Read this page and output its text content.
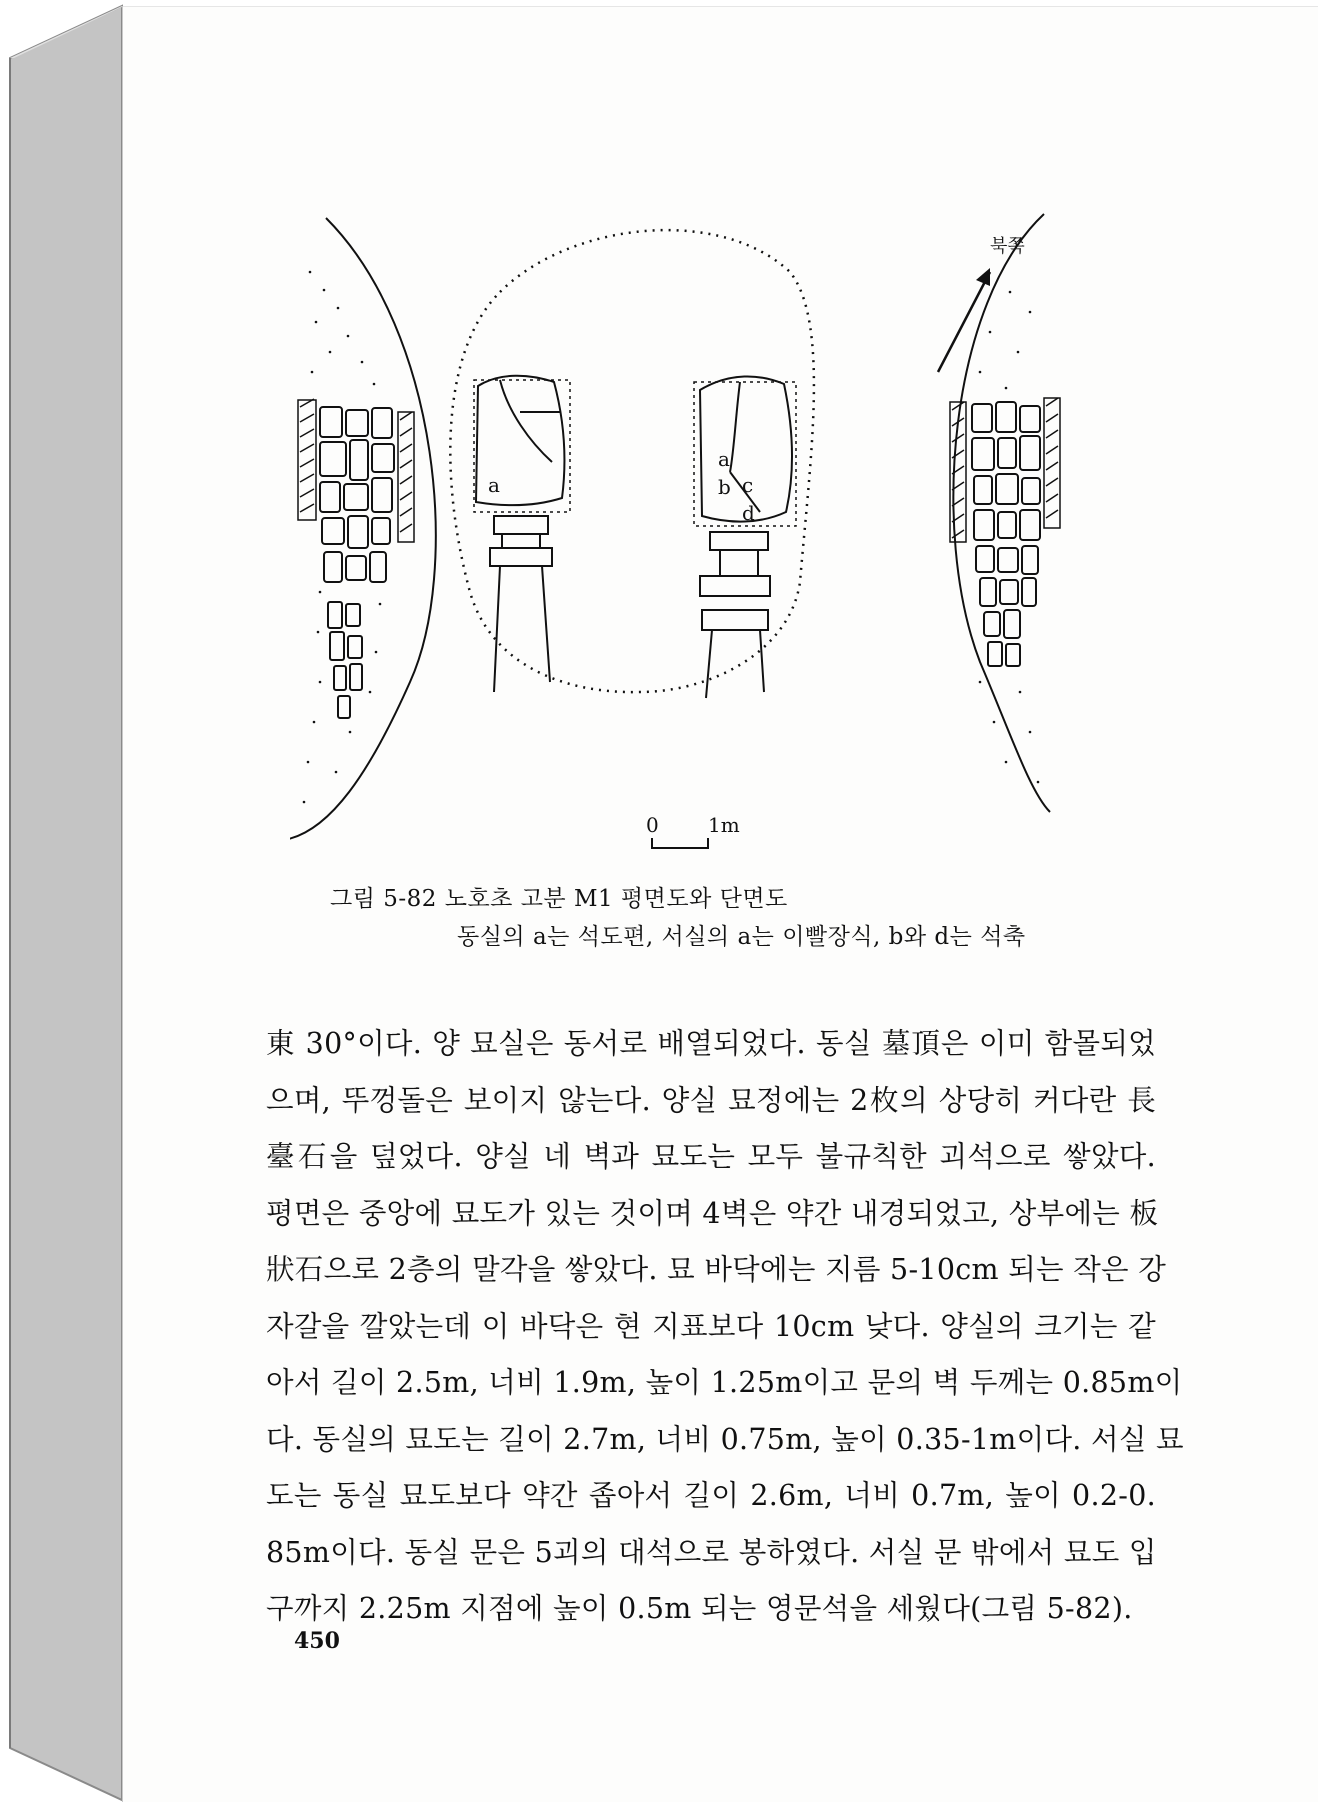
a
a
b c
d
0 1m
북쪽
그림 5-82 노호초 고분 M1 평면도와 단면도
동실의 a는 석도편, 서실의 a는 이빨장식, b와 d는 석축
東 30°이다. 양 묘실은 동서로 배열되었다. 동실 墓頂은 이미 함몰되었
으며, 뚜껑돌은 보이지 않는다. 양실 묘정에는 2枚의 상당히 커다란 長
臺石을 덮었다. 양실 네 벽과 묘도는 모두 불규칙한 괴석으로 쌓았다.
평면은 중앙에 묘도가 있는 것이며 4벽은 약간 내경되었고, 상부에는 板
狀石으로 2층의 말각을 쌓았다. 묘 바닥에는 지름 5-10cm 되는 작은 강
자갈을 깔았는데 이 바닥은 현 지표보다 10cm 낮다. 양실의 크기는 같
아서 길이 2.5m, 너비 1.9m, 높이 1.25m이고 문의 벽 두께는 0.85m이
다. 동실의 묘도는 길이 2.7m, 너비 0.75m, 높이 0.35-1m이다. 서실 묘
도는 동실 묘도보다 약간 좁아서 길이 2.6m, 너비 0.7m, 높이 0.2-0.
85m이다. 동실 문은 5괴의 대석으로 봉하였다. 서실 문 밖에서 묘도 입
구까지 2.25m 지점에 높이 0.5m 되는 영문석을 세웠다(그림 5-82).
450
